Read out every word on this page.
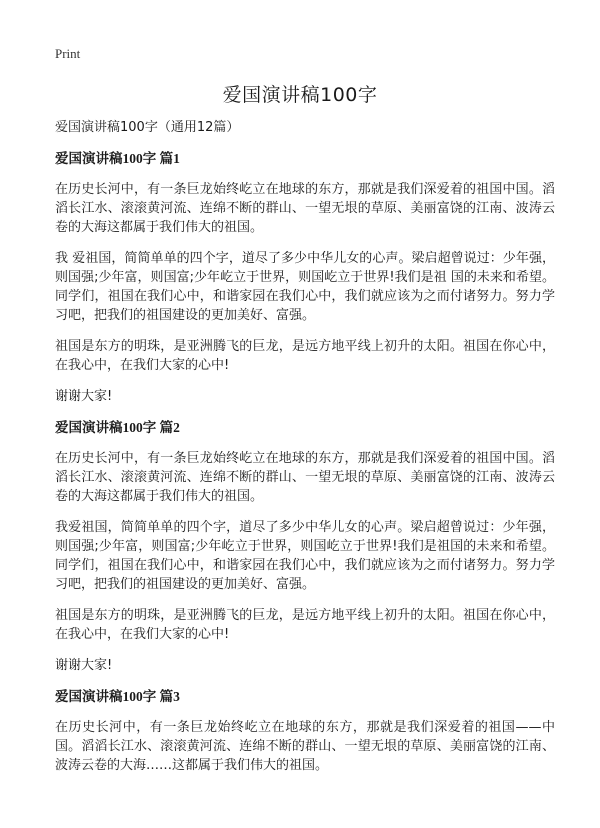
Print
爱国演讲稿100字

爱国演讲稿100字（通用12篇）

爱国演讲稿100字 篇1

在历史长河中，有一条巨龙始终屹立在地球的东方，那就是我们深爱着的祖国中国。滔滔长江水、滚滚黄河流、连绵不断的群山、一望无垠的草原、美丽富饶的江南、波涛云卷的大海这都属于我们伟大的祖国。

我 爱祖国，简简单单的四个字，道尽了多少中华儿女的心声。梁启超曾说过：少年强，则国强;少年富，则国富;少年屹立于世界，则国屹立于世界!我们是祖 国的未来和希望。同学们，祖国在我们心中，和谐家园在我们心中，我们就应该为之而付诸努力。努力学习吧，把我们的祖国建设的更加美好、富强。

祖国是东方的明珠，是亚洲腾飞的巨龙，是远方地平线上初升的太阳。祖国在你心中，在我心中，在我们大家的心中!

谢谢大家!

爱国演讲稿100字 篇2

在历史长河中，有一条巨龙始终屹立在地球的东方，那就是我们深爱着的祖国中国。滔滔长江水、滚滚黄河流、连绵不断的群山、一望无垠的草原、美丽富饶的江南、波涛云卷的大海这都属于我们伟大的祖国。

我爱祖国，简简单单的四个字，道尽了多少中华儿女的心声。梁启超曾说过：少年强，则国强;少年富，则国富;少年屹立于世界，则国屹立于世界!我们是祖国的未来和希望。同学们，祖国在我们心中，和谐家园在我们心中，我们就应该为之而付诸努力。努力学习吧，把我们的祖国建设的更加美好、富强。

祖国是东方的明珠，是亚洲腾飞的巨龙，是远方地平线上初升的太阳。祖国在你心中，在我心中，在我们大家的心中!

谢谢大家!

爱国演讲稿100字 篇3

在历史长河中，有一条巨龙始终屹立在地球的东方，那就是我们深爱着的祖国——中国。滔滔长江水、滚滚黄河流、连绵不断的群山、一望无垠的草原、美丽富饶的江南、波涛云卷的大海……这都属于我们伟大的祖国。
